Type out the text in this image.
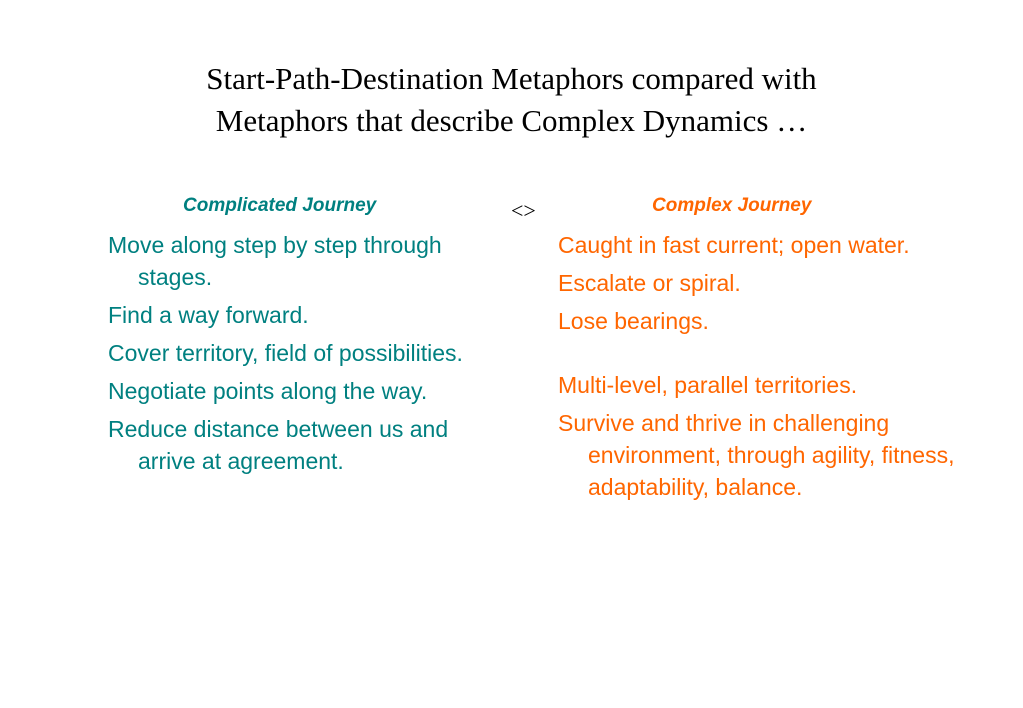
Start-Path-Destination Metaphors compared with
Metaphors that describe Complex Dynamics …
Complicated Journey	<>	Complex Journey
Move along step by step through stages.
Find a way forward.
Cover territory, field of possibilities.
Negotiate points along the way.
Reduce distance between us and arrive at agreement.
Caught in fast current; open water.
Escalate or spiral.
Lose bearings.
Multi-level, parallel territories.
Survive and thrive in challenging environment, through agility, fitness, adaptability, balance.
